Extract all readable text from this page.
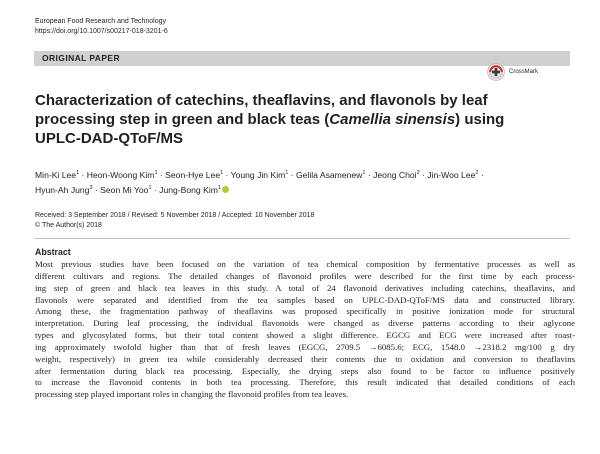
European Food Research and Technology
https://doi.org/10.1007/s00217-018-3201-6
ORIGINAL PAPER
CrossMark
Characterization of catechins, theaflavins, and flavonols by leaf processing step in green and black teas (Camellia sinensis) using UPLC-DAD-QToF/MS
Min-Ki Lee$^1$ · Heon-Woong Kim$^1$ · Seon-Hye Lee$^1$ · Young Jin Kim$^1$ · Gelila Asamenew$^1$ · Jeong Choi$^2$ · Jin-Woo Lee$^2$ ·
Hyun-Ah Jung$^3$ · Seon Mi Yoo$^1$ · Jung-Bong Kim$^1$
Received: 3 September 2018 / Revised: 5 November 2018 / Accepted: 10 November 2018
© The Author(s) 2018
Abstract
Most previous studies have been focused on the variation of tea chemical composition by fermentative processes as well as
different cultivars and regions. The detailed changes of flavonoid profiles were described for the first time by each process-
ing step of green and black tea leaves in this study. A total of 24 flavonoid derivatives including catechins, theaflavins, and
flavonols were separated and identified from the tea samples based on UPLC-DAD-QToF/MS data and constructed library.
Among these, the fragmentation pathway of theaflavins was proposed specifically in positive ionization mode for structural
interpretation. During leaf processing, the individual flavonoids were changed as diverse patterns according to their aglycone
types and glycosylated forms, but their total content showed a slight difference. EGCG and ECG were increased after roast-
ing approximately twofold higher than that of fresh leaves (EGCG, 2709.5 →6085.6; ECG, 1548.0 →2318.2 mg/100 g dry
weight, respectively) in green tea while considerably decreased their contents due to oxidation and conversion to theaflavins
after fermentation during black tea processing. Especially, the drying steps also found to be factor to influence positively
to increase the flavonoid contents in both tea processing. Therefore, this result indicated that detailed conditions of each
processing step played important roles in changing the flavonoid profiles from tea leaves.
